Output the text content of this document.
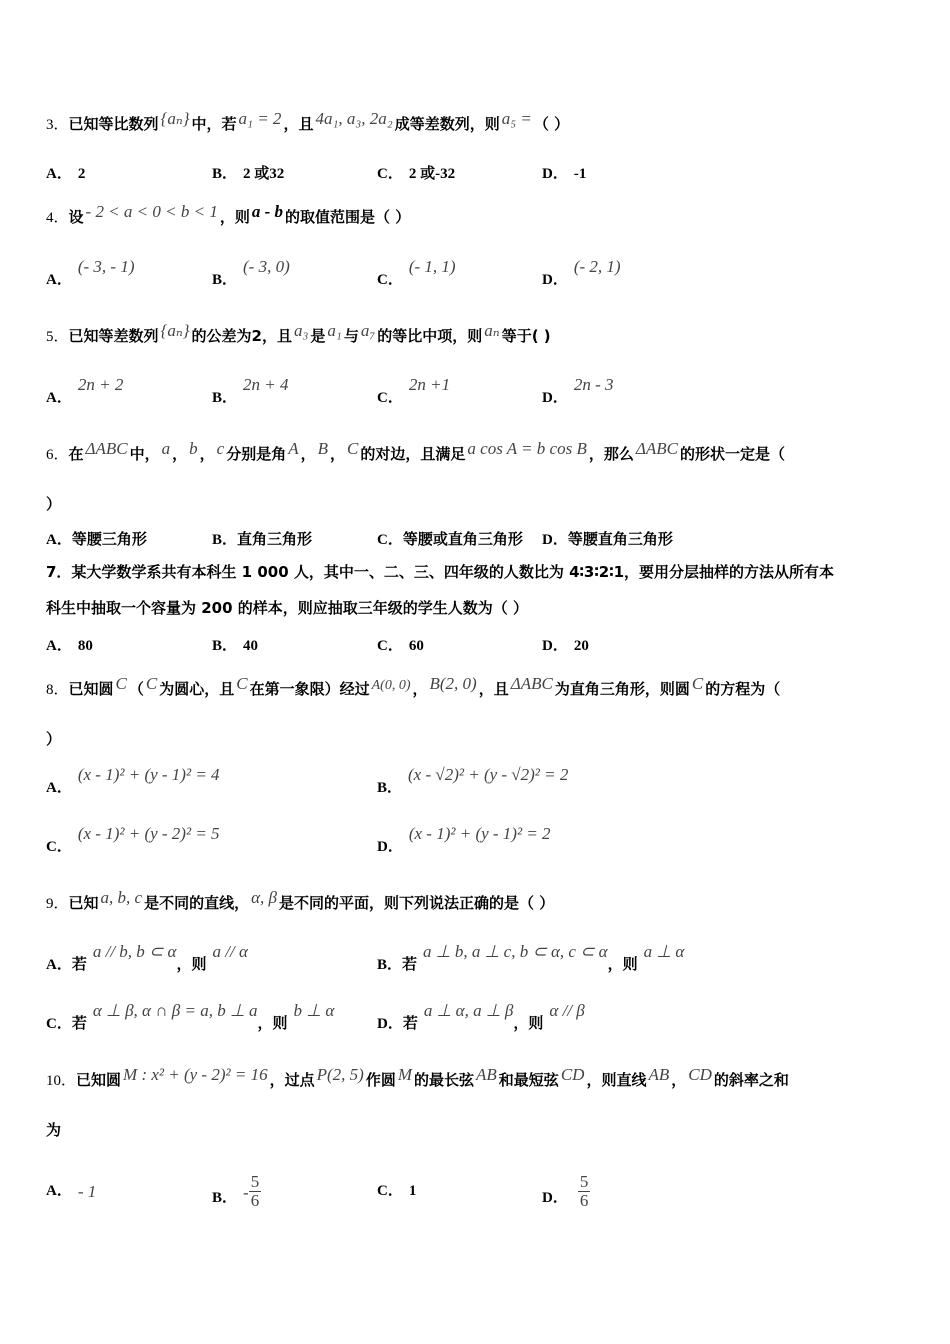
3．已知等比数列 {aₙ} 中，若 a₁ = 2 ，且 4a₁, a₃, 2a₂ 成等差数列，则 a₅ = （ ）
A． 2	B． 2 或32	C． 2 或-32	D． -1
4．设 - 2 < a < 0 < b < 1 ，则 a - b 的取值范围是（ ）
A．(- 3, - 1)
B．(- 3, 0)
C．(- 1, 1)
D．(- 2, 1)
5．已知等差数列 {aₙ} 的公差为2，且 a₃ 是 a₁ 与 a₇ 的等比中项，则 aₙ 等于( )
A．2n + 2
B．2n + 4
C．2n +1
D．2n - 3
6．在 ΔABC 中， a ， b ， c 分别是角 A ， B ， C 的对边，且满足 a cos A = b cos B ，那么 ΔABC 的形状一定是（
）
A．等腰三角形	B．直角三角形	C．等腰或直角三角形 D．等腰直角三角形
7．某大学数学系共有本科生 1 000 人，其中一、二、三、四年级的人数比为 4∶3∶2∶1，要用分层抽样的方法从所有本
科生中抽取一个容量为 200 的样本，则应抽取三年级的学生人数为（ ）
A． 80	B． 40	C． 60	D． 20
8．已知圆 C （ C 为圆心，且 C 在第一象限）经过 A(0, 0) ， B(2, 0) ，且 ΔABC 为直角三角形，则圆 C 的方程为（
）
A．(x - 1)² + (y - 1)² = 4
B．(x - √2)² + (y - √2)² = 2
C．(x - 1)² + (y - 2)² = 5
D．(x - 1)² + (y - 1)² = 2
9．已知 a, b, c 是不同的直线， α, β 是不同的平面，则下列说法正确的是（ ）
A．若a // b, b ⊂ α，则a // α
B．若a ⊥ b, a ⊥ c, b ⊂ α, c ⊂ α，则a ⊥ α
C．若α ⊥ β, α ∩ β = a, b ⊥ a，则b ⊥ α
D．若a ⊥ α, a ⊥ β，则α // β
10．已知圆 M : x² + (y - 2)² = 16 ，过点 P(2, 5) 作圆 M 的最长弦 AB 和最短弦 CD ，则直线 AB ， CD 的斜率之和
为
A． - 1	B． - $\frac{5}{6}$	C． 1	D． $\frac{5}{6}$
